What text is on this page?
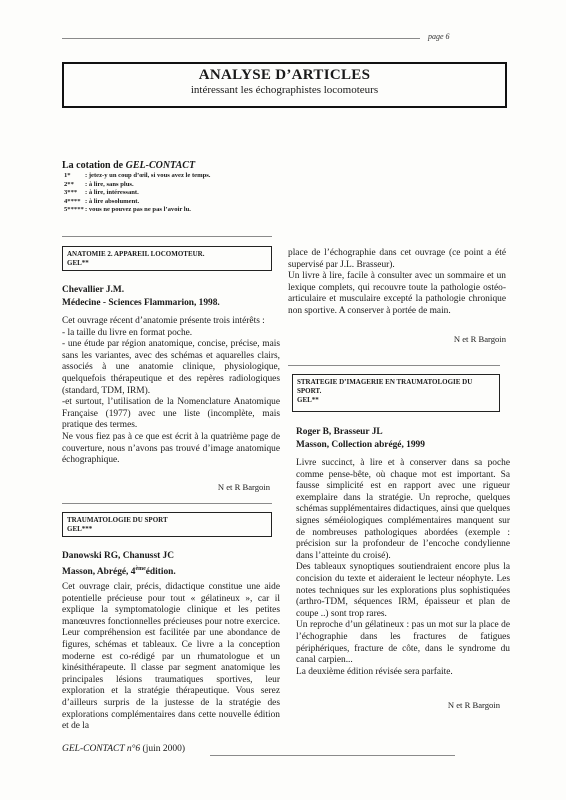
page 6
ANALYSE D’ARTICLES
intéressant les échographistes locomoteurs
La cotation de GEL-CONTACT
1*	: jetez-y un coup d’œil, si vous avez le temps.
2**	: à lire, sans plus.
3***	: à lire, intéressant.
4**** : à lire absolument.
5***** : vous ne pouvez pas ne pas l’avoir lu.
ANATOMIE 2. APPAREIL LOCOMOTEUR.
GEL**
Chevallier J.M.
Médecine - Sciences Flammarion, 1998.

Cet ouvrage récent d’anatomie présente trois intérêts :

- la taille du livre en format poche.

- une étude par région anatomique, concise, précise, mais sans les variantes, avec des schémas et aquarelles clairs, associés à une anatomie clinique, physiologique, quelquefois thérapeutique et des repères radiologiques (standard, TDM, IRM).

-et surtout, l’utilisation de la Nomenclature Anatomique Française (1977) avec une liste (incomplète, mais pratique des termes.

Ne vous fiez pas à ce que est écrit à la quatrième page de couverture, nous n’avons pas trouvé d’image anatomique échographique.

N et R Bargoin
TRAUMATOLOGIE DU SPORT
GEL***
Danowski RG, Chanusst JC
Masson, Abrégé, 4èmeédition.

Cet ouvrage clair, précis, didactique constitue une aide potentielle précieuse pour tout « gélatineux », car il explique la symptomatologie clinique et les petites manœuvres fonctionnelles précieuses pour notre exercice. Leur compréhension est facilitée par une abondance de figures, schémas et tableaux. Ce livre a la conception moderne est co-rédigé par un rhumatologue et un kinésithérapeute. Il classe par segment anatomique les principales lésions traumatiques sportives, leur exploration et la stratégie thérapeutique. Vous serez d’ailleurs surpris de la justesse de la stratégie des explorations complémentaires dans cette nouvelle édition et de la

place de l’échographie dans cet ouvrage (ce point a été supervisé par J.L. Brasseur).

Un livre à lire, facile à consulter avec un sommaire et un lexique complets, qui recouvre toute la pathologie ostéo-articulaire et musculaire excepté la pathologie chronique non sportive. A conserver à portée de main.

N et R Bargoin
STRATEGIE D’IMAGERIE EN TRAUMATOLOGIE DU
SPORT.
GEL**
Roger B, Brasseur JL
Masson, Collection abrégé, 1999

Livre succinct, à lire et à conserver dans sa poche comme pense-bête, où chaque mot est important. Sa fausse simplicité est en rapport avec une rigueur exemplaire dans la stratégie. Un reproche, quelques schémas supplémentaires didactiques, ainsi que quelques signes séméiologiques complémentaires manquent sur de nombreuses pathologiques abordées (exemple : précision sur la profondeur de l’encoche condylienne dans l’atteinte du croisé).

Des tableaux synoptiques soutiendraient encore plus la concision du texte et aideraient le lecteur néophyte. Les notes techniques sur les explorations plus sophistiquées (arthro-TDM, séquences IRM, épaisseur et plan de coupe ..) sont trop rares.

Un reproche d’un gélatineux : pas un mot sur la place de l’échographie dans les fractures de fatigues périphériques, fracture de côte, dans le syndrome du canal carpien...

La deuxième édition révisée sera parfaite.

N et R Bargoin
GEL-CONTACT n°6 (juin 2000)
